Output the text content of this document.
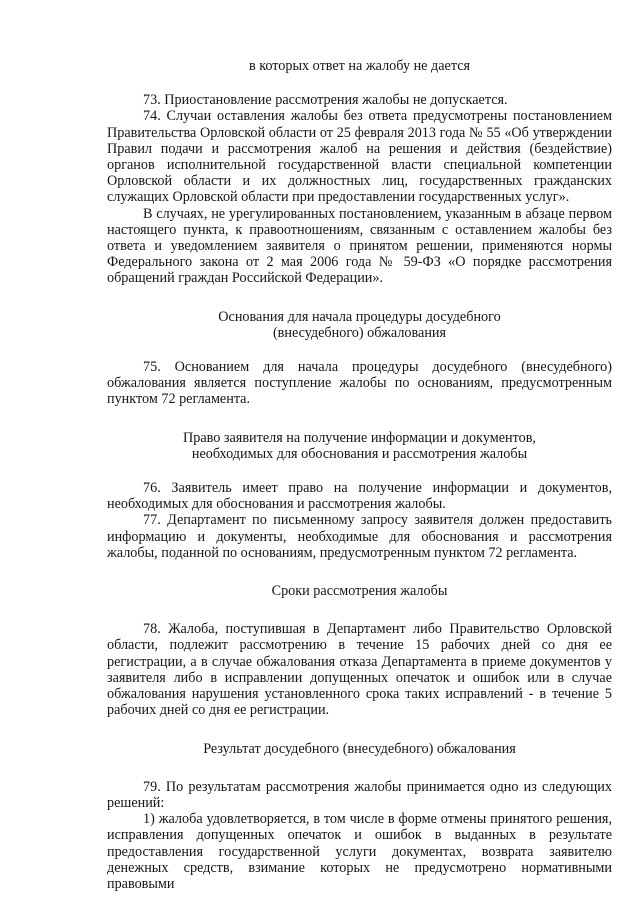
в которых ответ на жалобу не дается

73. Приостановление рассмотрения жалобы не допускается.

74. Случаи оставления жалобы без ответа предусмотрены постановлением Правительства Орловской области от 25 февраля 2013 года № 55 «Об утверждении Правил подачи и рассмотрения жалоб на решения и действия (бездействие) органов исполнительной государственной власти специальной компетенции Орловской области и их должностных лиц, государственных гражданских служащих Орловской области при предоставлении государственных услуг».

В случаях, не урегулированных постановлением, указанным в абзаце первом настоящего пункта, к правоотношениям, связанным с оставлением жалобы без ответа и уведомлением заявителя о принятом решении, применяются нормы Федерального закона от 2 мая 2006 года № 59-ФЗ «О порядке рассмотрения обращений граждан Российской Федерации».

Основания для начала процедуры досудебного
(внесудебного) обжалования

75. Основанием для начала процедуры досудебного (внесудебного) обжалования является поступление жалобы по основаниям, предусмотренным пунктом 72 регламента.

Право заявителя на получение информации и документов,
необходимых для обоснования и рассмотрения жалобы

76. Заявитель имеет право на получение информации и документов, необходимых для обоснования и рассмотрения жалобы.

77. Департамент по письменному запросу заявителя должен предоставить информацию и документы, необходимые для обоснования и рассмотрения жалобы, поданной по основаниям, предусмотренным пунктом 72 регламента.

Сроки рассмотрения жалобы

78. Жалоба, поступившая в Департамент либо Правительство Орловской области, подлежит рассмотрению в течение 15 рабочих дней со дня ее регистрации, а в случае обжалования отказа Департамента в приеме документов у заявителя либо в исправлении допущенных опечаток и ошибок или в случае обжалования нарушения установленного срока таких исправлений - в течение 5 рабочих дней со дня ее регистрации.

Результат досудебного (внесудебного) обжалования

79. По результатам рассмотрения жалобы принимается одно из следующих решений:

1) жалоба удовлетворяется, в том числе в форме отмены принятого решения, исправления допущенных опечаток и ошибок в выданных в результате предоставления государственной услуги документах, возврата заявителю денежных средств, взимание которых не предусмотрено нормативными правовыми
